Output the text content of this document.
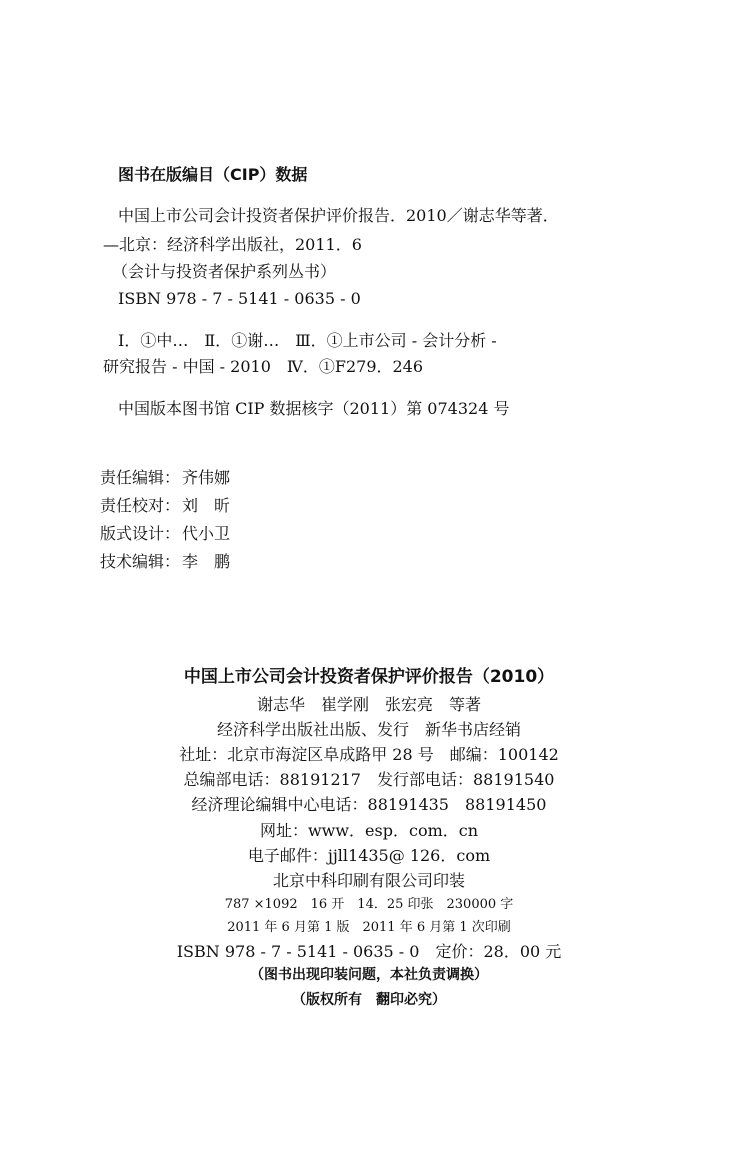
图书在版编目（CIP）数据
中国上市公司会计投资者保护评价报告．2010／谢志华等著．
—北京：经济科学出版社，2011．6
（会计与投资者保护系列丛书）
ISBN 978 - 7 - 5141 - 0635 - 0
Ⅰ．①中…　Ⅱ．①谢…　Ⅲ．①上市公司 - 会计分析 -
研究报告 - 中国 - 2010　Ⅳ．①F279．246
中国版本图书馆 CIP 数据核字（2011）第 074324 号
责任编辑： 齐伟娜
责任校对： 刘　昕
版式设计： 代小卫
技术编辑： 李　鹏
中国上市公司会计投资者保护评价报告（2010）
谢志华　崔学刚　张宏亮　等著
经济科学出版社出版、发行　新华书店经销
社址：北京市海淀区阜成路甲 28 号　邮编：100142
总编部电话：88191217　发行部电话：88191540
经济理论编辑中心电话：88191435　88191450
网址：www．esp．com．cn
电子邮件：jjll1435@ 126．com
北京中科印刷有限公司印装
787 ×1092　16 开　14．25 印张　230000 字
2011 年 6 月第 1 版　2011 年 6 月第 1 次印刷
ISBN 978 - 7 - 5141 - 0635 - 0　定价：28．00 元
（图书出现印装问题，本社负责调换）
（版权所有　翻印必究）
